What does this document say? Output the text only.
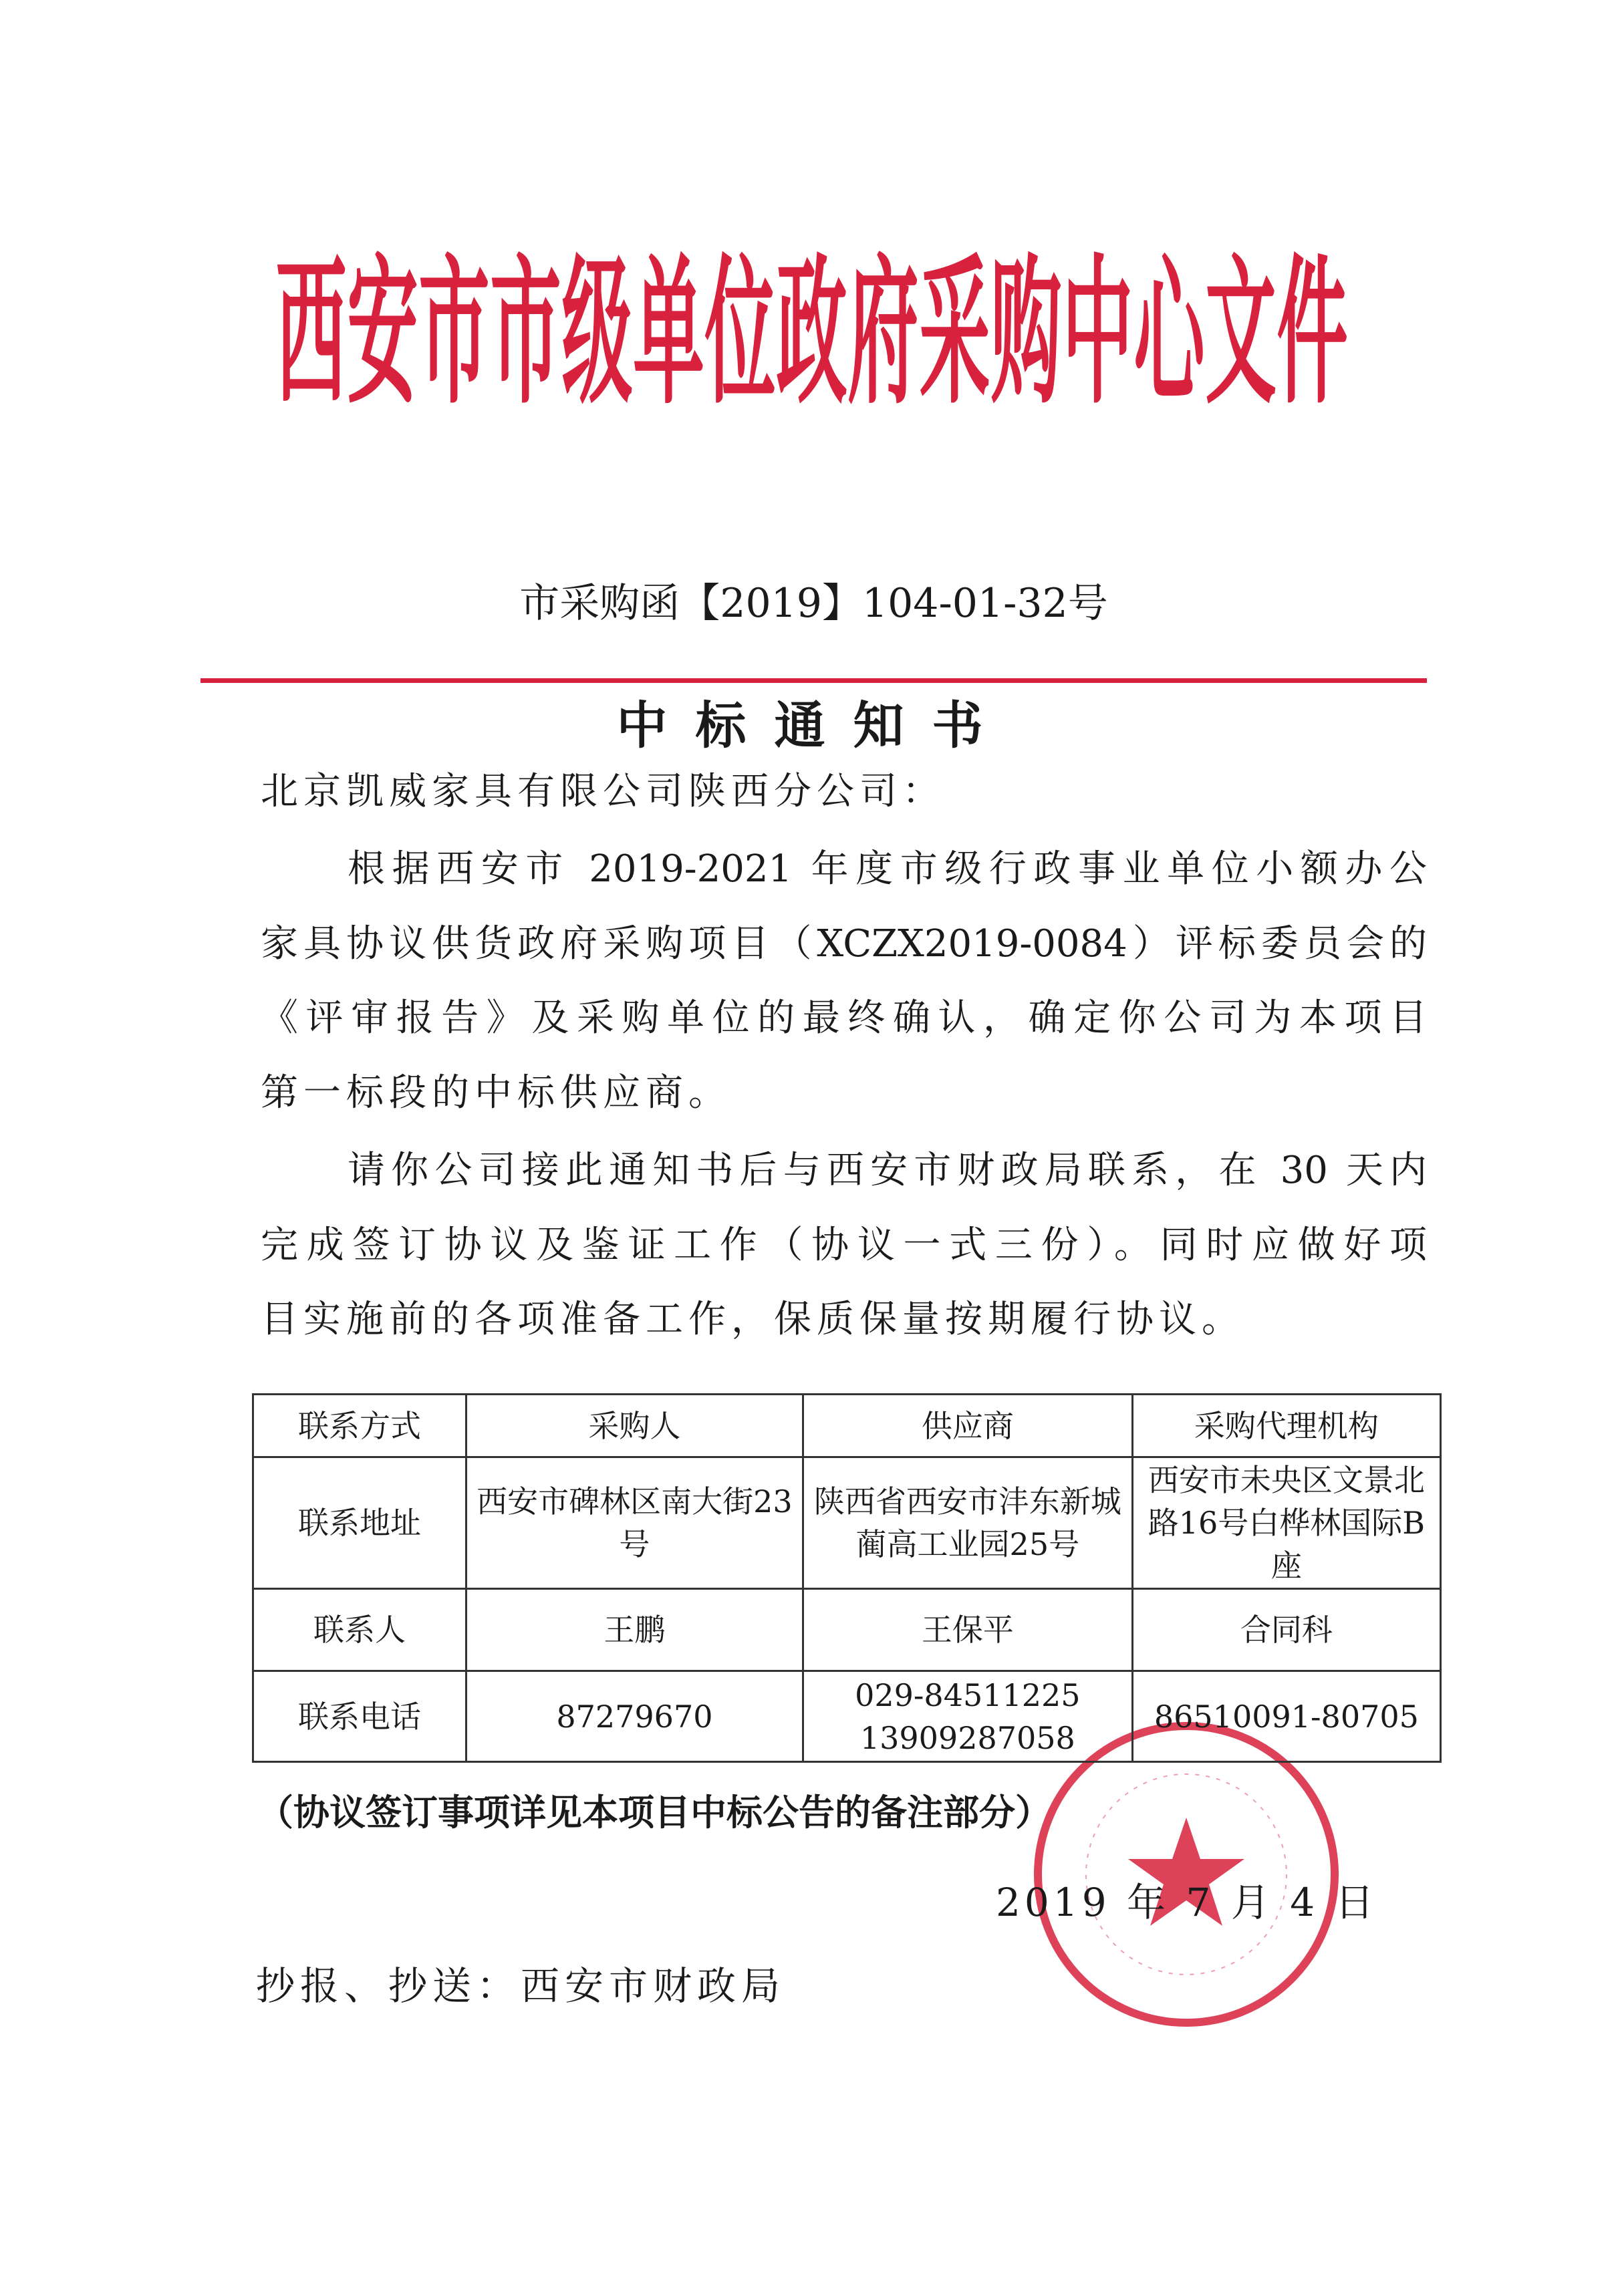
西安市市级单位政府采购中心文件
市采购函【2019】104-01-32号
中标通知书
北京凯威家具有限公司陕西分公司：
根据西安市 2019-2021 年度市级行政事业单位小额办公
家具协议供货政府采购项目（XCZX2019-0084）评标委员会的
《评审报告》及采购单位的最终确认，确定你公司为本项目
第一标段的中标供应商。
请你公司接此通知书后与西安市财政局联系，在 30 天内
完成签订协议及鉴证工作（协议一式三份）。同时应做好项
目实施前的各项准备工作，保质保量按期履行协议。
联系方式	采购人	供应商	采购代理机构
联系地址	西安市碑林区南大街23号	陕西省西安市沣东新城蔺高工业园25号	西安市未央区文景北路16号白桦林国际B座
联系人	王鹏	王保平	合同科
联系电话	87279670	029-84511225 13909287058	86510091-80705
（协议签订事项详见本项目中标公告的备注部分）
2019 年 7 月 4 日
抄报、抄送：西安市财政局
